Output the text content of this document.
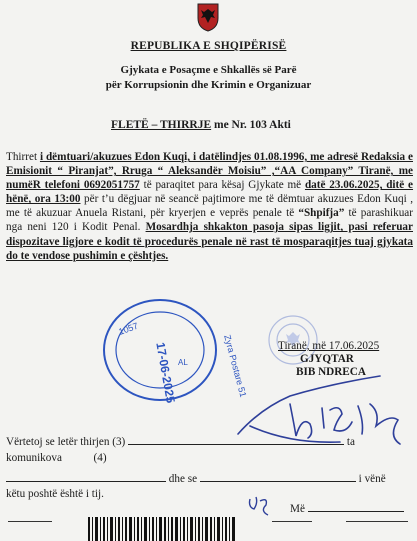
REPUBLIKA E SHQIPËRISË
Gjykata e Posaçme e Shkallës së Parë
për Korrupsionin dhe Krimin e Organizuar
FLETË – THIRRJE me Nr. 103 Akti
Thirret i dëmtuari/akuzues Edon Kuqi, i datëlindjes 01.08.1996, me adresë Redaksia e Emisionit “ Piranjat”, Rruga “ Aleksandër Moisiu” ,“AA Company” Tiranë, me numëR telefoni 0692051757 të paraqitet para kësaj Gjykate më datë 23.06.2025, ditë e hënë, ora 13:00 për t’u dëgjuar në seancë pajtimore me të dëmtuar akuzues Edon Kuqi , me të akuzuar Anuela Ristani, për kryerjen e veprës penale të “Shpifja” të parashikuar nga neni 120 i Kodit Penal. Mosardhja shkakton pasoja sipas ligjit, pasi referuar dispozitave ligjore e kodit të procedurës penale në rast të mosparaqitjes tuaj gjykata do te vendose pushimin e çështjes.
1057
17-06-2025	Zyra Postare 51
AL
Tiranë, më 17.06.2025
GJYQTAR
BIB NDRECA
Vërtetoj se letër thirjen (3)	ta
komunikova	(4)
dhe se	i vënë
këtu poshtë është i tij.
Më
